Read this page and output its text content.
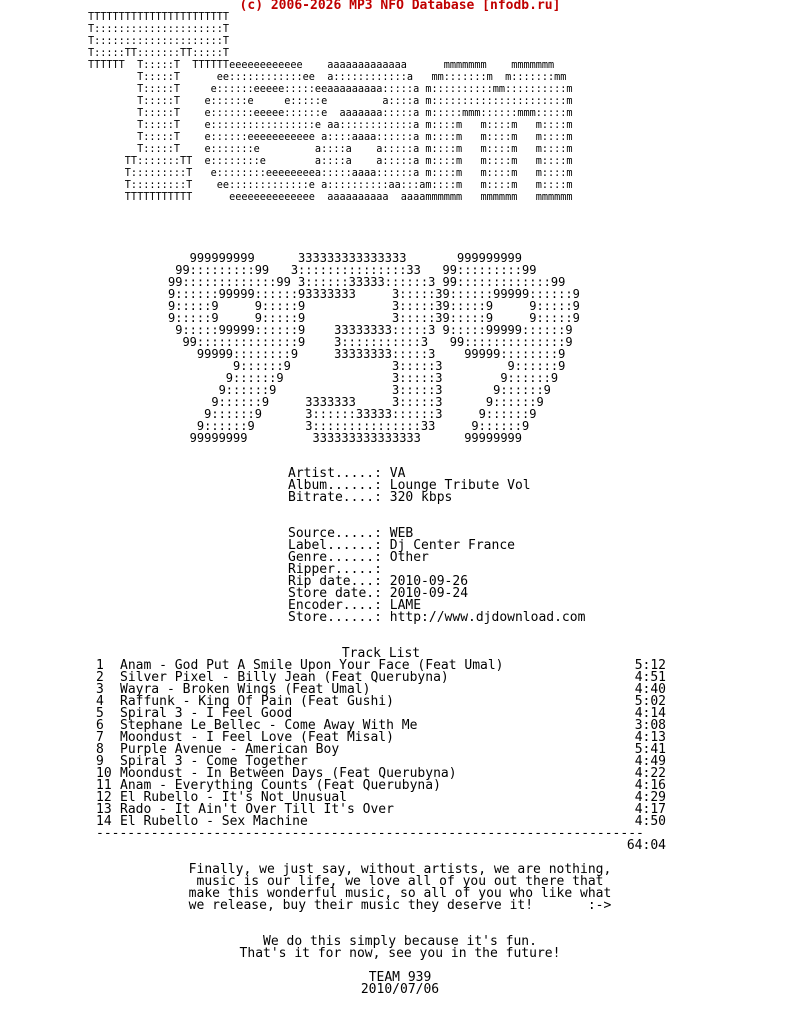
(c) 2006-2026 MP3 NFO Database [nfodb.ru]
TTTTTTTTTTTTTTTTTTTTTTT
T:::::::::::::::::::::T
T:::::::::::::::::::::T
T:::::TT:::::::TT:::::T
TTTTTT  T:::::T  TTTTTTeeeeeeeeeeee    aaaaaaaaaaaaa      mmmmmmm    mmmmmmm
T:::::T      ee::::::::::::ee  a::::::::::::a   mm:::::::m  m:::::::mm
T:::::T     e::::::eeeee:::::eeaaaaaaaaa:::::a m::::::::::mm::::::::::m
T:::::T    e::::::e     e:::::e         a::::a m::::::::::::::::::::::m
T:::::T    e:::::::eeeee::::::e  aaaaaaa:::::a m:::::mmm::::::mmm:::::m
T:::::T    e:::::::::::::::::e aa::::::::::::a m::::m   m::::m   m::::m
T:::::T    e::::::eeeeeeeeeee a::::aaaa::::::a m::::m   m::::m   m::::m
T:::::T    e:::::::e         a::::a    a:::::a m::::m   m::::m   m::::m
TT:::::::TT  e::::::::e        a::::a    a:::::a m::::m   m::::m   m::::m
T:::::::::T   e::::::::eeeeeeeea:::::aaaa::::::a m::::m   m::::m   m::::m
T:::::::::T    ee:::::::::::::e a::::::::::aa:::am::::m   m::::m   m::::m
TTTTTTTTTTT      eeeeeeeeeeeeee  aaaaaaaaaa  aaaammmmmm   mmmmmm   mmmmmm
999999999      333333333333333       999999999
99:::::::::99   3:::::::::::::::33   99:::::::::99
99:::::::::::::99 3::::::33333::::::3 99:::::::::::::99
9::::::99999::::::93333333     3:::::39::::::99999::::::9
9:::::9     9:::::9            3:::::39:::::9     9:::::9
9:::::9     9:::::9            3:::::39:::::9     9:::::9
9:::::99999::::::9    33333333:::::3 9:::::99999::::::9
99::::::::::::::9    3:::::::::::3   99::::::::::::::9
99999::::::::9     33333333:::::3    99999::::::::9
9::::::9              3:::::3         9::::::9
9::::::9               3:::::3        9::::::9
9::::::9                3:::::3       9::::::9
9::::::9     3333333     3:::::3      9::::::9
9::::::9      3::::::33333::::::3     9::::::9
9::::::9       3:::::::::::::::33     9::::::9
99999999         333333333333333      99999999
Artist.....: VA
Album......: Lounge Tribute Vol
Bitrate....: 320 kbps
Source.....: WEB
Label......: Dj Center France
Genre......: Other
Ripper.....:
Rip date...: 2010-09-26
Store date.: 2010-09-24
Encoder....: LAME
Store......: http://www.djdownload.com
Track List
1	Anam - God Put A Smile Upon Your Face (Feat Umal)	5:12
2	Silver Pixel - Billy Jean (Feat Querubyna)	4:51
3	Wayra - Broken Wings (Feat Umal)	4:40
4	Raffunk - King Of Pain (Feat Gushi)	5:02
5	Spiral 3 - I Feel Good	4:14
6	Stephane Le Bellec - Come Away With Me	3:08
7	Moondust - I Feel Love (Feat Misal)	4:13
8	Purple Avenue - American Boy	5:41
9	Spiral 3 - Come Together	4:49
10 Moondust - In Between Days (Feat Querubyna)	4:22
11 Anam - Everything Counts (Feat Querubyna)	4:16
12 El Rubello - It's Not Unusual	4:29
13 Rado - It Ain't Over Till It's Over	4:17
14 El Rubello - Sex Machine	4:50
----------------------------------------------------------------------
64:04
Finally, we just say, without artists, we are nothing,
music is our life, we love all of you out there that
make this wonderful music, so all of you who like what
we release, buy their music they deserve it!       :->

We do this simply because it's fun.
That's it for now, see you in the future!

TEAM 939
2010/07/06
